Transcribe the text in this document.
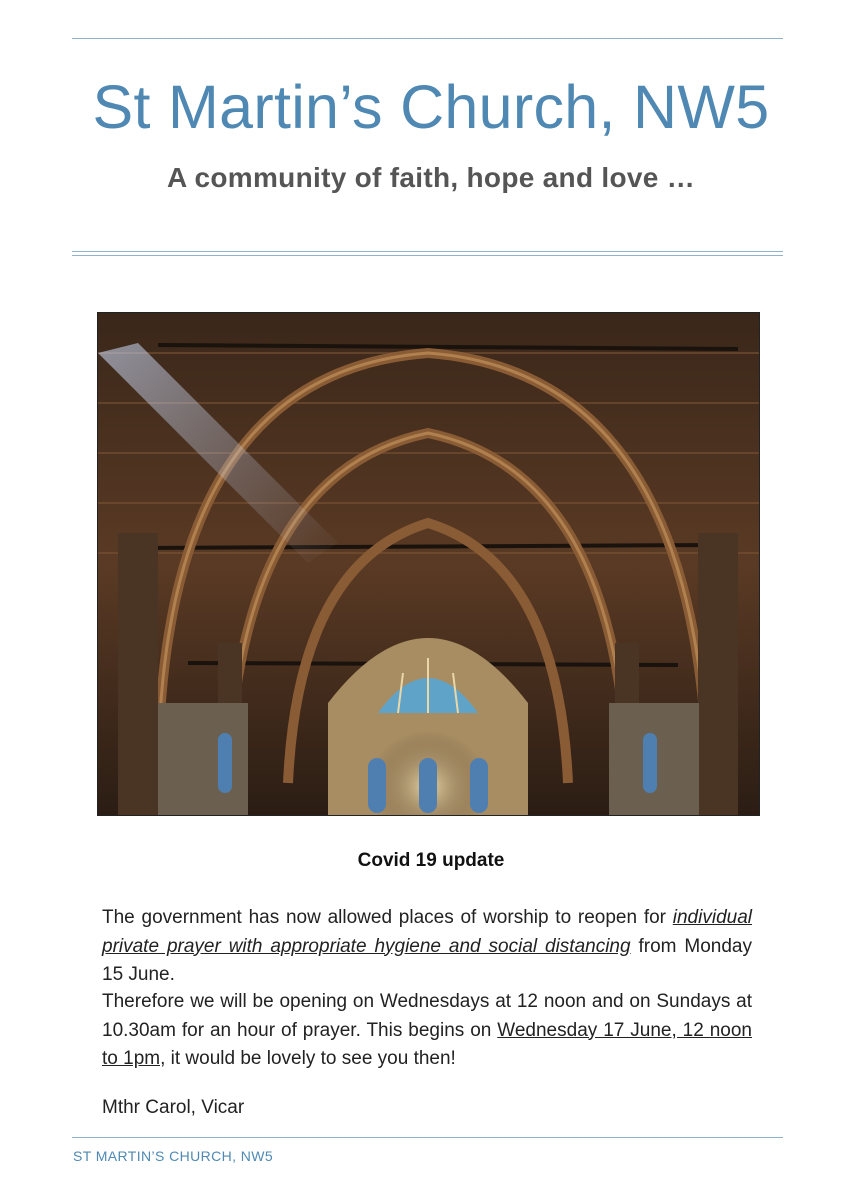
St Martin’s Church, NW5
A community of faith, hope and love …
Covid 19 update
The government has now allowed places of worship to reopen for individual private prayer with appropriate hygiene and social distancing from Monday 15 June.
Therefore we will be opening on Wednesdays at 12 noon and on Sundays at 10.30am for an hour of prayer. This begins on Wednesday 17 June, 12 noon to 1pm, it would be lovely to see you then!
Mthr Carol, Vicar
ST MARTIN’S CHURCH, NW5
